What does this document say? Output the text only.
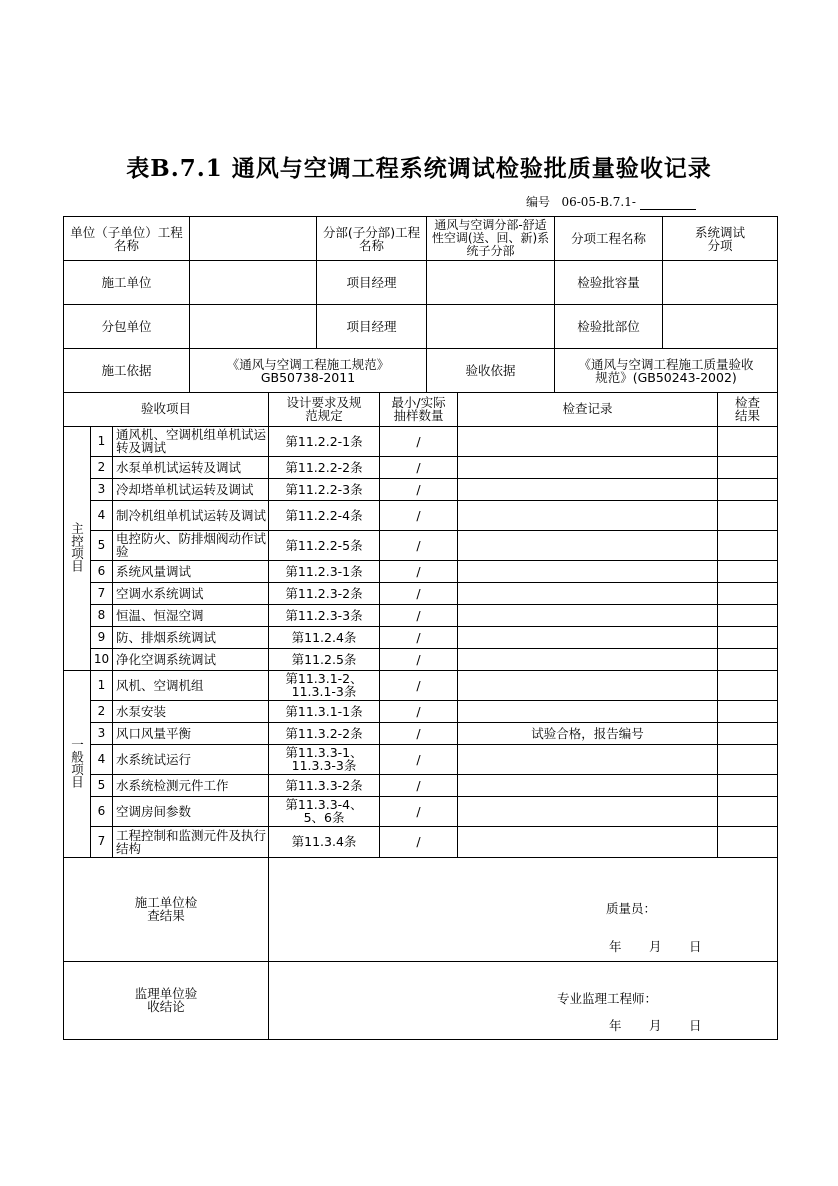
表B.7.1 通风与空调工程系统调试检验批质量验收记录
编号 06-05-B.7.1-
单位（子单位）工程名称		分部(子分部)工程名称	通风与空调分部-舒适性空调(送、回、新)系统子分部	分项工程名称	系统调试分项
施工单位		项目经理		检验批容量	
分包单位		项目经理		检验批部位	
施工依据	《通风与空调工程施工规范》GB50738-2011		验收依据	《通风与空调工程施工质量验收规范》(GB50243-2002)	
验收项目			设计要求及规范规定	最小/实际抽样数量	检查记录	检查结果
主控项目	1	通风机、空调机组单机试运转及调试	第11.2.2-1条	/		
	2	水泵单机试运转及调试	第11.2.2-2条	/		
	3	冷却塔单机试运转及调试	第11.2.2-3条	/		
	4	制冷机组单机试运转及调试	第11.2.2-4条	/		
	5	电控防火、防排烟阀动作试验	第11.2.2-5条	/		
	6	系统风量调试	第11.2.3-1条	/		
	7	空调水系统调试	第11.2.3-2条	/		
	8	恒温、恒湿空调	第11.2.3-3条	/		
	9	防、排烟系统调试	第11.2.4条	/		
	10	净化空调系统调试	第11.2.5条	/		
一般项目	1	风机、空调机组	第11.3.1-2、11.3.1-3条	/		
	2	水泵安装	第11.3.1-1条	/		
	3	风口风量平衡	第11.3.2-2条	/	试验合格，报告编号	
	4	水系统试运行	第11.3.3-1、11.3.3-3条	/		
	5	水系统检测元件工作	第11.3.3-2条	/		
	6	空调房间参数	第11.3.3-4、5、6条	/		
	7	工程控制和监测元件及执行结构	第11.3.4条	/		
施工单位检查结果			质量员：
年 月 日			

监理单位验收结论			专业监理工程师：
年 月 日			
